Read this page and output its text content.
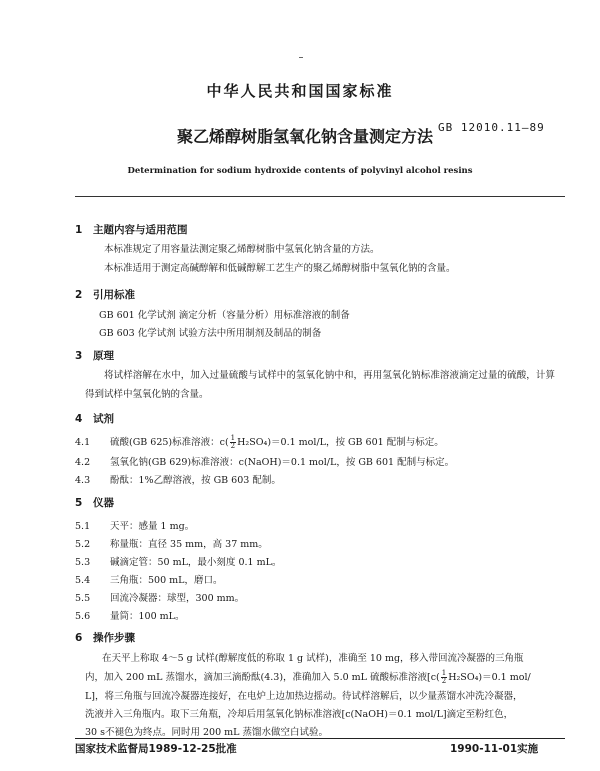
中华人民共和国国家标准
聚乙烯醇树脂氢氧化钠含量测定方法 GB 12010.11—89
Determination for sodium hydroxide contents of polyvinyl alcohol resins
1 主题内容与适用范围
本标准规定了用容量法测定聚乙烯醇树脂中氢氧化钠含量的方法。
本标准适用于测定高碱醇解和低碱醇解工艺生产的聚乙烯醇树脂中氢氧化钠的含量。
2 引用标准
GB 601 化学试剂 滴定分析（容量分析）用标准溶液的制备
GB 603 化学试剂 试验方法中所用制剂及制品的制备
3 原理
将试样溶解在水中，加入过量硫酸与试样中的氢氧化钠中和，再用氢氧化钠标准溶液滴定过量的硫酸，计算得到试样中氢氧化钠的含量。
4 试剂
4.1 硫酸(GB 625)标准溶液：$c( \frac{1}{2} H_2SO_4)=0.1$ mol/L，按 GB 601 配制与标定。
4.2 氢氧化钠(GB 629)标准溶液：c(NaOH)＝0.1 mol/L，按 GB 601 配制与标定。
4.3 酚酞：1%乙醇溶液，按 GB 603 配制。
5 仪器
5.1 天平：感量 1 mg。
5.2 称量瓶：直径 35 mm，高 37 mm。
5.3 碱滴定管：50 mL，最小刻度 0.1 mL。
5.4 三角瓶：500 mL，磨口。
5.5 回流冷凝器：球型，300 mm。
5.6 量筒：100 mL。
6 操作步骤
在天平上称取 4～5 g 试样(醇解度低的称取 1 g 试样)，准确至 10 mg，移入带回流冷凝器的三角瓶
内，加入 200 mL 蒸馏水，滴加三滴酚酞(4.3)，准确加入 5.0 mL 硫酸标准溶液[$c( \frac{1}{2} H_2SO_4)=0.1$ mol/
L]，将三角瓶与回流冷凝器连接好，在电炉上边加热边摇动。待试样溶解后，以少量蒸馏水冲洗冷凝器，
洗液并入三角瓶内。取下三角瓶，冷却后用氢氧化钠标准溶液[c(NaOH)＝0.1 mol/L]滴定至粉红色，
30 s不褪色为终点。同时用 200 mL 蒸馏水做空白试验。
国家技术监督局1989-12-25批准	1990-11-01实施
